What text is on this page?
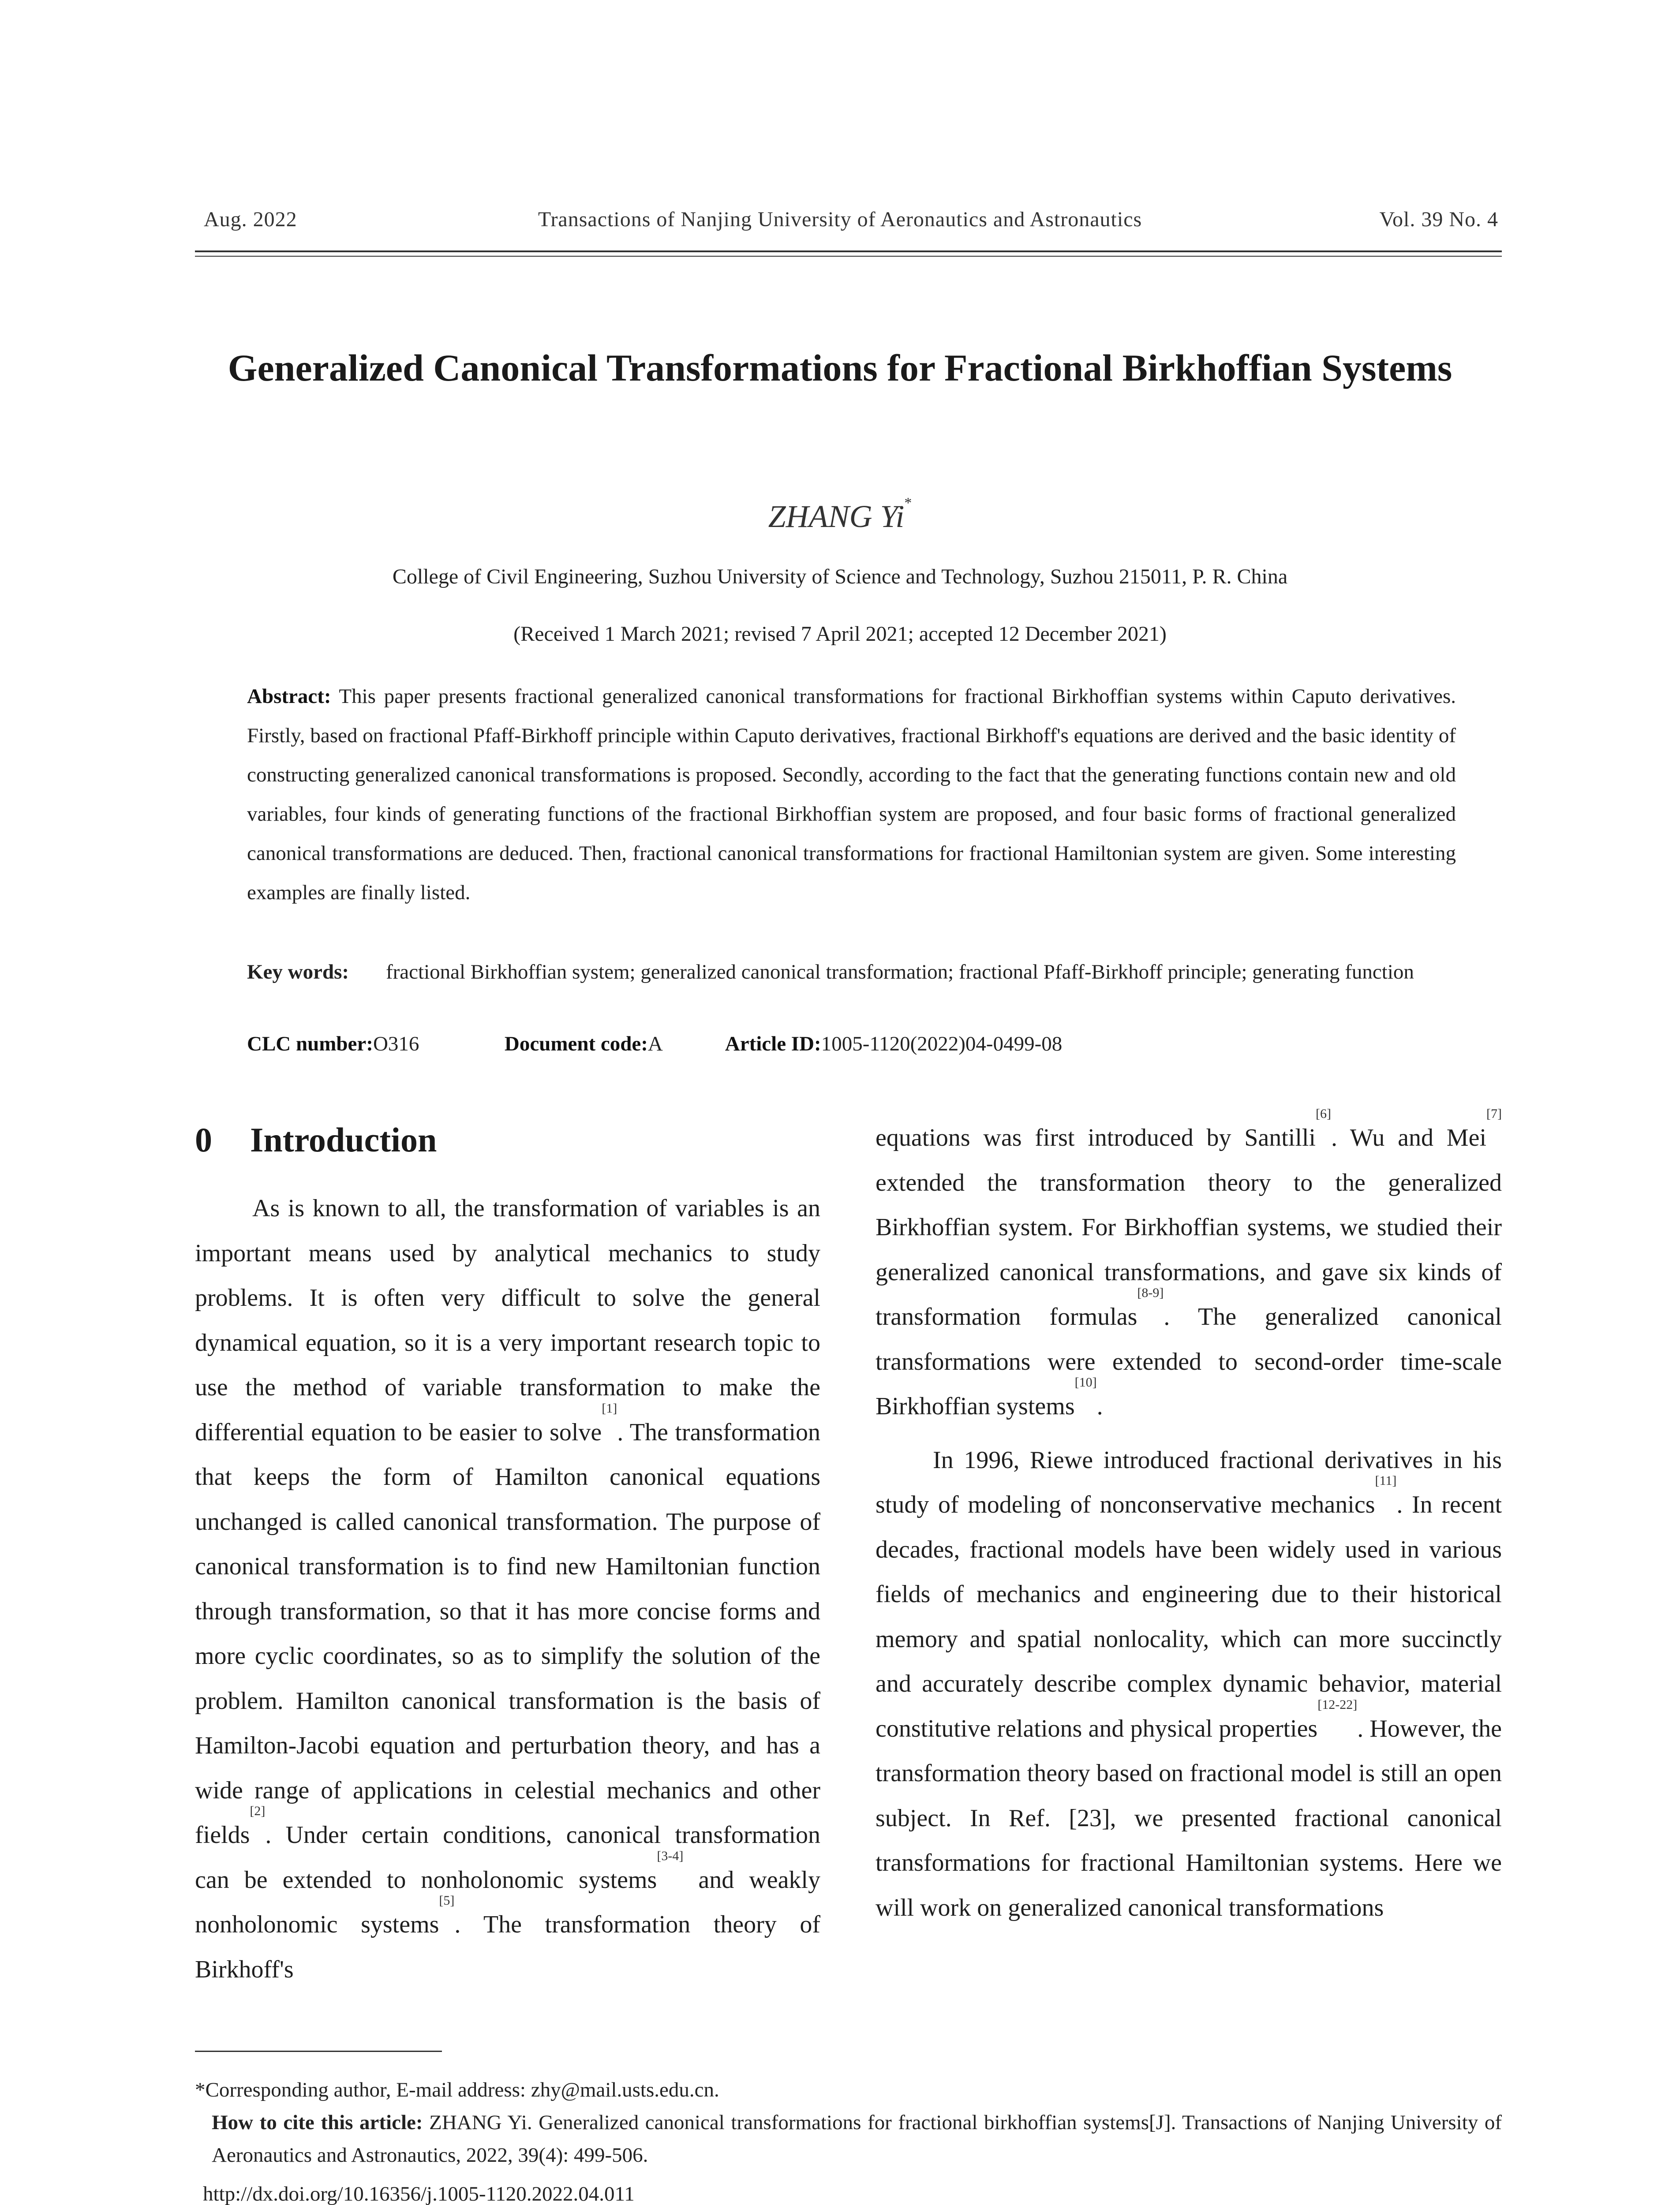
Aug. 2022	Transactions of Nanjing University of Aeronautics and Astronautics	Vol. 39 No. 4
Generalized Canonical Transformations for Fractional Birkhoffian Systems
ZHANG Yi*
College of Civil Engineering, Suzhou University of Science and Technology, Suzhou 215011, P. R. China
(Received 1 March 2021; revised 7 April 2021; accepted 12 December 2021)
Abstract: This paper presents fractional generalized canonical transformations for fractional Birkhoffian systems within Caputo derivatives. Firstly, based on fractional Pfaff-Birkhoff principle within Caputo derivatives, fractional Birkhoff's equations are derived and the basic identity of constructing generalized canonical transformations is proposed. Secondly, according to the fact that the generating functions contain new and old variables, four kinds of generating functions of the fractional Birkhoffian system are proposed, and four basic forms of fractional generalized canonical transformations are deduced. Then, fractional canonical transformations for fractional Hamiltonian system are given. Some interesting examples are finally listed.
Key words: fractional Birkhoffian system; generalized canonical transformation; fractional Pfaff-Birkhoff principle; generating function
CLC number:O316	Document code:A	Article ID:1005-1120(2022)04-0499-08
0 Introduction

As is known to all, the transformation of variables is an important means used by analytical mechanics to study problems. It is often very difficult to solve the general dynamical equation, so it is a very important research topic to use the method of variable transformation to make the differential equation to be easier to solve[1]. The transformation that keeps the form of Hamilton canonical equations unchanged is called canonical transformation. The purpose of canonical transformation is to find new Hamiltonian function through transformation, so that it has more concise forms and more cyclic coordinates, so as to simplify the solution of the problem. Hamilton canonical transformation is the basis of Hamilton-Jacobi equation and perturbation theory, and has a wide range of applications in celestial mechanics and other fields[2]. Under certain conditions, canonical transformation can be extended to nonholonomic systems[3-4] and weakly nonholonomic systems[5]. The transformation theory of Birkhoff's

equations was first introduced by Santilli[6]. Wu and Mei[7] extended the transformation theory to the generalized Birkhoffian system. For Birkhoffian systems, we studied their generalized canonical transformations, and gave six kinds of transformation formulas[8-9]. The generalized canonical transformations were extended to second-order time-scale Birkhoffian systems[10].

In 1996, Riewe introduced fractional derivatives in his study of modeling of nonconservative mechanics[11]. In recent decades, fractional models have been widely used in various fields of mechanics and engineering due to their historical memory and spatial nonlocality, which can more succinctly and accurately describe complex dynamic behavior, material constitutive relations and physical properties[12-22]. However, the transformation theory based on fractional model is still an open subject. In Ref. [23], we presented fractional canonical transformations for fractional Hamiltonian systems. Here we will work on generalized canonical transformations

*Corresponding author, E-mail address: zhy@mail.usts.edu.cn.
How to cite this article: ZHANG Yi. Generalized canonical transformations for fractional birkhoffian systems[J]. Transactions of Nanjing University of Aeronautics and Astronautics, 2022, 39(4): 499-506.
http://dx.doi.org/10.16356/j.1005-1120.2022.04.011
